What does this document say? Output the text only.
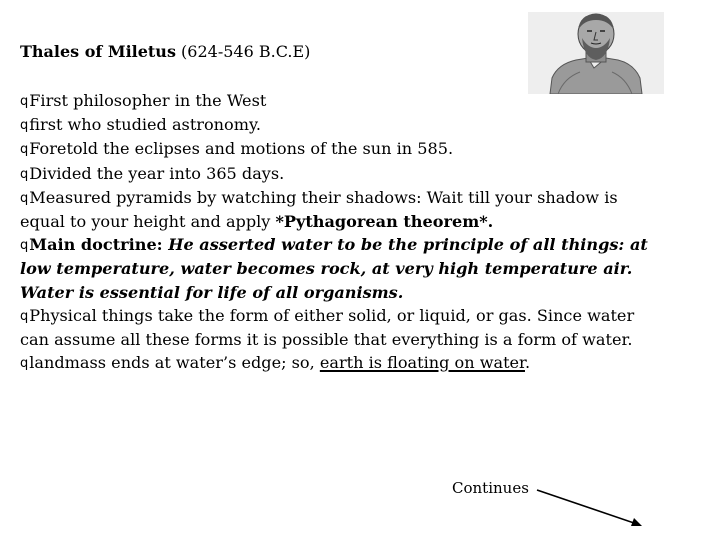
Thales of Miletus (624-546 B.C.E)
qFirst philosopher in the West
qfirst who studied astronomy.
qForetold the eclipses and motions of the sun in 585.
qDivided the year into 365 days.
qMeasured pyramids by watching their shadows: Wait till your shadow is
equal to your height and apply *Pythagorean theorem*.
qMain doctrine: He asserted water to be the principle of all things: at
low temperature, water becomes rock, at very high temperature air.
Water is essential for life of all organisms.
qPhysical things take the form of either solid, or liquid, or gas. Since water
can assume all these forms it is possible that everything is a form of water.
qlandmass ends at water’s edge; so, earth is floating on water.
Continues
